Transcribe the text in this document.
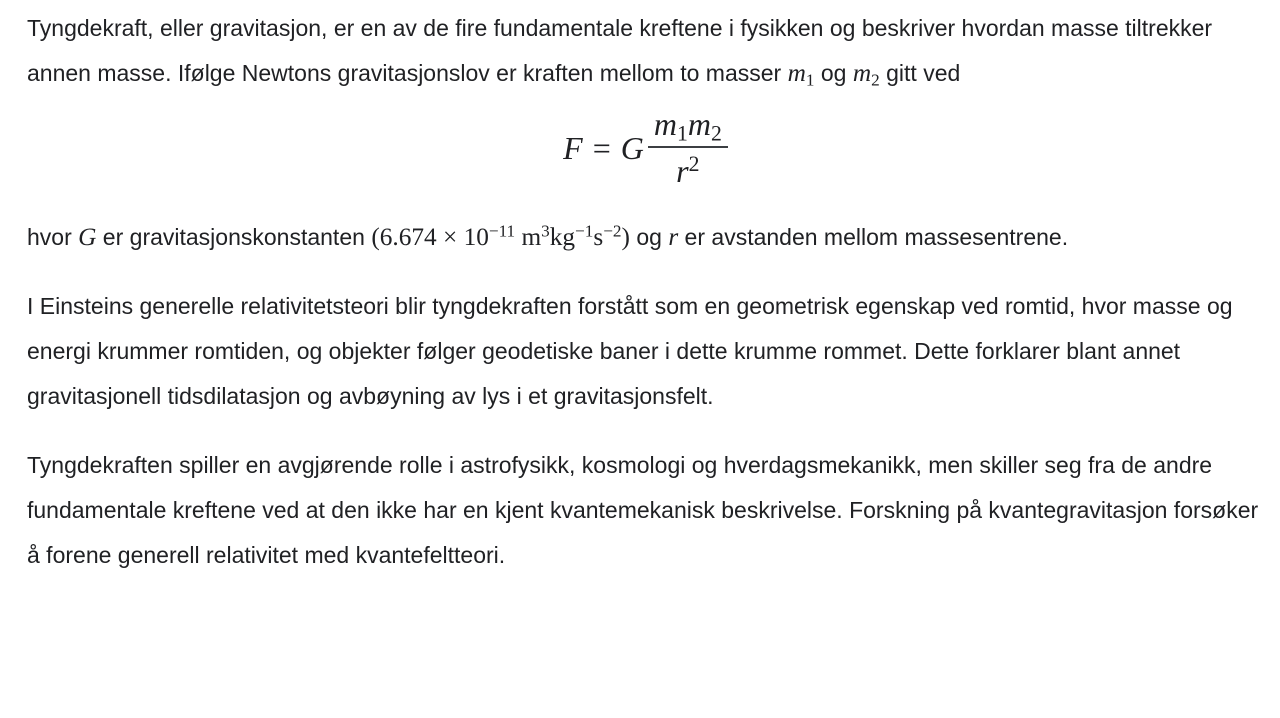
Tyngdekraft, eller gravitasjon, er en av de fire fundamentale kreftene i fysikken og beskriver hvordan masse tiltrekker annen masse. Ifølge Newtons gravitasjonslov er kraften mellom to masser $m_1$ og $m_2$ gitt ved

F = G $\frac{m_1m_2}{r^2}$

hvor G er gravitasjonskonstanten ($6.674 \times 10^{-11}$ $m^3kg^{-1}s^{-2}$) og r er avstanden mellom massesentrene.

I Einsteins generelle relativitetsteori blir tyngdekraften forstått som en geometrisk egenskap ved romtid, hvor masse og energi krummer romtiden, og objekter følger geodetiske baner i dette krumme rommet. Dette forklarer blant annet gravitasjonell tidsdilatasjon og avbøyning av lys i et gravitasjonsfelt.

Tyngdekraften spiller en avgjørende rolle i astrofysikk, kosmologi og hverdagsmekanikk, men skiller seg fra de andre fundamentale kreftene ved at den ikke har en kjent kvantemekanisk beskrivelse. Forskning på kvantegravitasjon forsøker å forene generell relativitet med kvantefeltteori.
